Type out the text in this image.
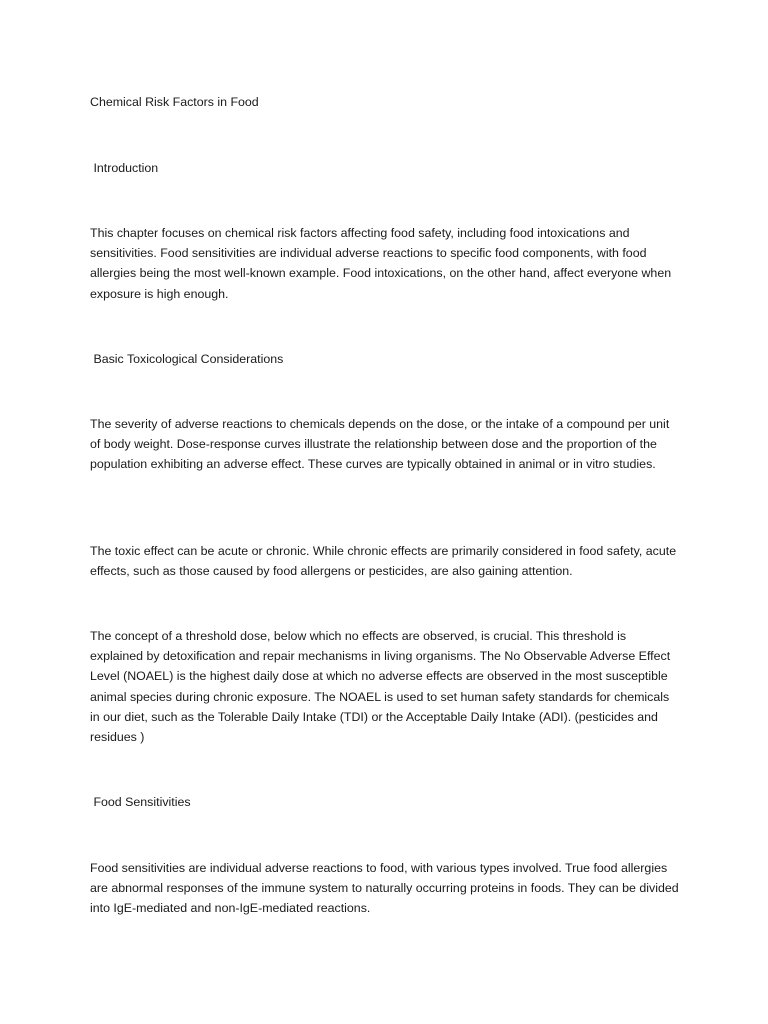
Chemical Risk Factors in Food

Introduction

This chapter focuses on chemical risk factors affecting food safety, including food intoxications and sensitivities. Food sensitivities are individual adverse reactions to specific food components, with food allergies being the most well-known example. Food intoxications, on the other hand, affect everyone when exposure is high enough.

Basic Toxicological Considerations

The severity of adverse reactions to chemicals depends on the dose, or the intake of a compound per unit of body weight. Dose-response curves illustrate the relationship between dose and the proportion of the population exhibiting an adverse effect. These curves are typically obtained in animal or in vitro studies.

The toxic effect can be acute or chronic. While chronic effects are primarily considered in food safety, acute effects, such as those caused by food allergens or pesticides, are also gaining attention.

The concept of a threshold dose, below which no effects are observed, is crucial. This threshold is explained by detoxification and repair mechanisms in living organisms. The No Observable Adverse Effect Level (NOAEL) is the highest daily dose at which no adverse effects are observed in the most susceptible animal species during chronic exposure. The NOAEL is used to set human safety standards for chemicals in our diet, such as the Tolerable Daily Intake (TDI) or the Acceptable Daily Intake (ADI). (pesticides and residues )

Food Sensitivities

Food sensitivities are individual adverse reactions to food, with various types involved. True food allergies are abnormal responses of the immune system to naturally occurring proteins in foods. They can be divided into IgE-mediated and non-IgE-mediated reactions.
